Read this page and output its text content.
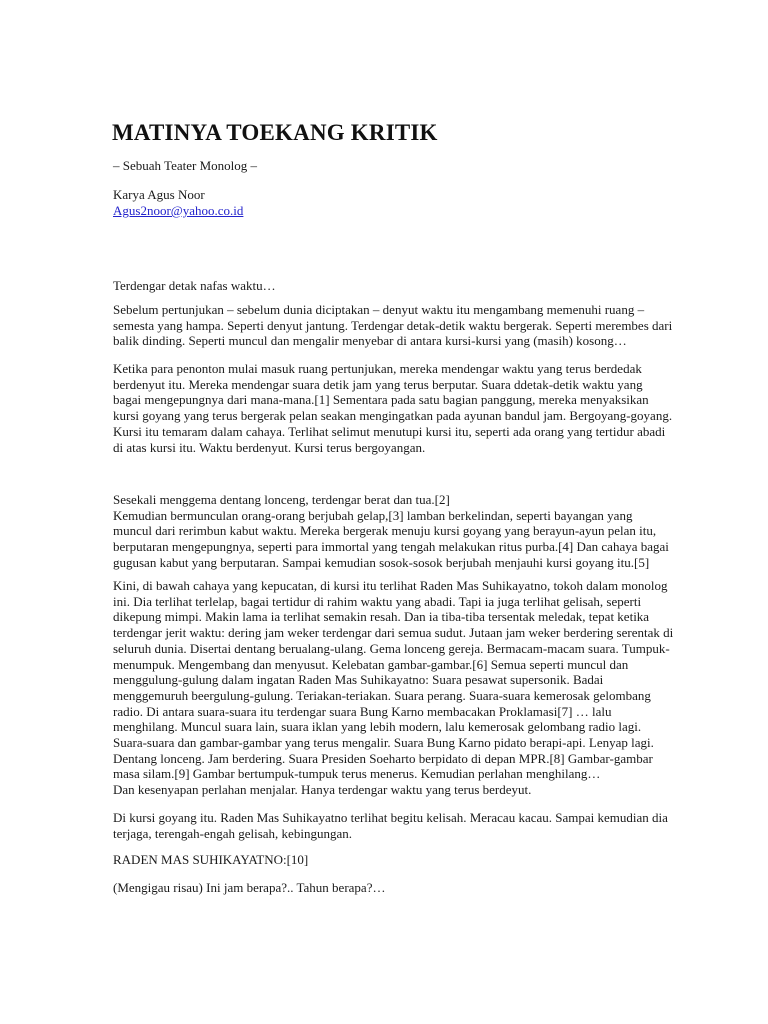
MATINYA TOEKANG KRITIK
– Sebuah Teater Monolog –
Karya Agus Noor
Agus2noor@yahoo.co.id
Terdengar detak nafas waktu…
Sebelum pertunjukan – sebelum dunia diciptakan – denyut waktu itu mengambang memenuhi ruang –
semesta yang hampa. Seperti denyut jantung. Terdengar detak-detik waktu bergerak. Seperti merembes dari
balik dinding. Seperti muncul dan mengalir menyebar di antara kursi-kursi yang (masih) kosong…
Ketika para penonton mulai masuk ruang pertunjukan, mereka mendengar waktu yang terus berdedak
berdenyut itu. Mereka mendengar suara detik jam yang terus berputar. Suara ddetak-detik waktu yang
bagai mengepungnya dari mana-mana.[1] Sementara pada satu bagian panggung, mereka menyaksikan
kursi goyang yang terus bergerak pelan seakan mengingatkan pada ayunan bandul jam. Bergoyang-goyang.
Kursi itu temaram dalam cahaya. Terlihat selimut menutupi kursi itu, seperti ada orang yang tertidur abadi
di atas kursi itu. Waktu berdenyut. Kursi terus bergoyangan.
Sesekali menggema dentang lonceng, terdengar berat dan tua.[2]
Kemudian bermunculan orang-orang berjubah gelap,[3] lamban berkelindan, seperti bayangan yang
muncul dari rerimbun kabut waktu. Mereka bergerak menuju kursi goyang yang berayun-ayun pelan itu,
berputaran mengepungnya, seperti para immortal yang tengah melakukan ritus purba.[4] Dan cahaya bagai
gugusan kabut yang berputaran. Sampai kemudian sosok-sosok berjubah menjauhi kursi goyang itu.[5]
Kini, di bawah cahaya yang kepucatan, di kursi itu terlihat Raden Mas Suhikayatno, tokoh dalam monolog
ini. Dia terlihat terlelap, bagai tertidur di rahim waktu yang abadi. Tapi ia juga terlihat gelisah, seperti
dikepung mimpi. Makin lama ia terlihat semakin resah. Dan ia tiba-tiba tersentak meledak, tepat ketika
terdengar jerit waktu: dering jam weker terdengar dari semua sudut. Jutaan jam weker berdering serentak di
seluruh dunia. Disertai dentang berualang-ulang. Gema lonceng gereja. Bermacam-macam suara. Tumpuk-
menumpuk. Mengembang dan menyusut. Kelebatan gambar-gambar.[6] Semua seperti muncul dan
menggulung-gulung dalam ingatan Raden Mas Suhikayatno: Suara pesawat supersonik. Badai
menggemuruh beergulung-gulung. Teriakan-teriakan. Suara perang. Suara-suara kemerosak gelombang
radio. Di antara suara-suara itu terdengar suara Bung Karno membacakan Proklamasi[7] … lalu
menghilang. Muncul suara lain, suara iklan yang lebih modern, lalu kemerosak gelombang radio lagi.
Suara-suara dan gambar-gambar yang terus mengalir. Suara Bung Karno pidato berapi-api. Lenyap lagi.
Dentang lonceng. Jam berdering. Suara Presiden Soeharto berpidato di depan MPR.[8] Gambar-gambar
masa silam.[9] Gambar bertumpuk-tumpuk terus menerus. Kemudian perlahan menghilang…
Dan kesenyapan perlahan menjalar. Hanya terdengar waktu yang terus berdeyut.
Di kursi goyang itu. Raden Mas Suhikayatno terlihat begitu kelisah. Meracau kacau. Sampai kemudian dia
terjaga, terengah-engah gelisah, kebingungan.
RADEN MAS SUHIKAYATNO:[10]
(Mengigau risau) Ini jam berapa?.. Tahun berapa?…
